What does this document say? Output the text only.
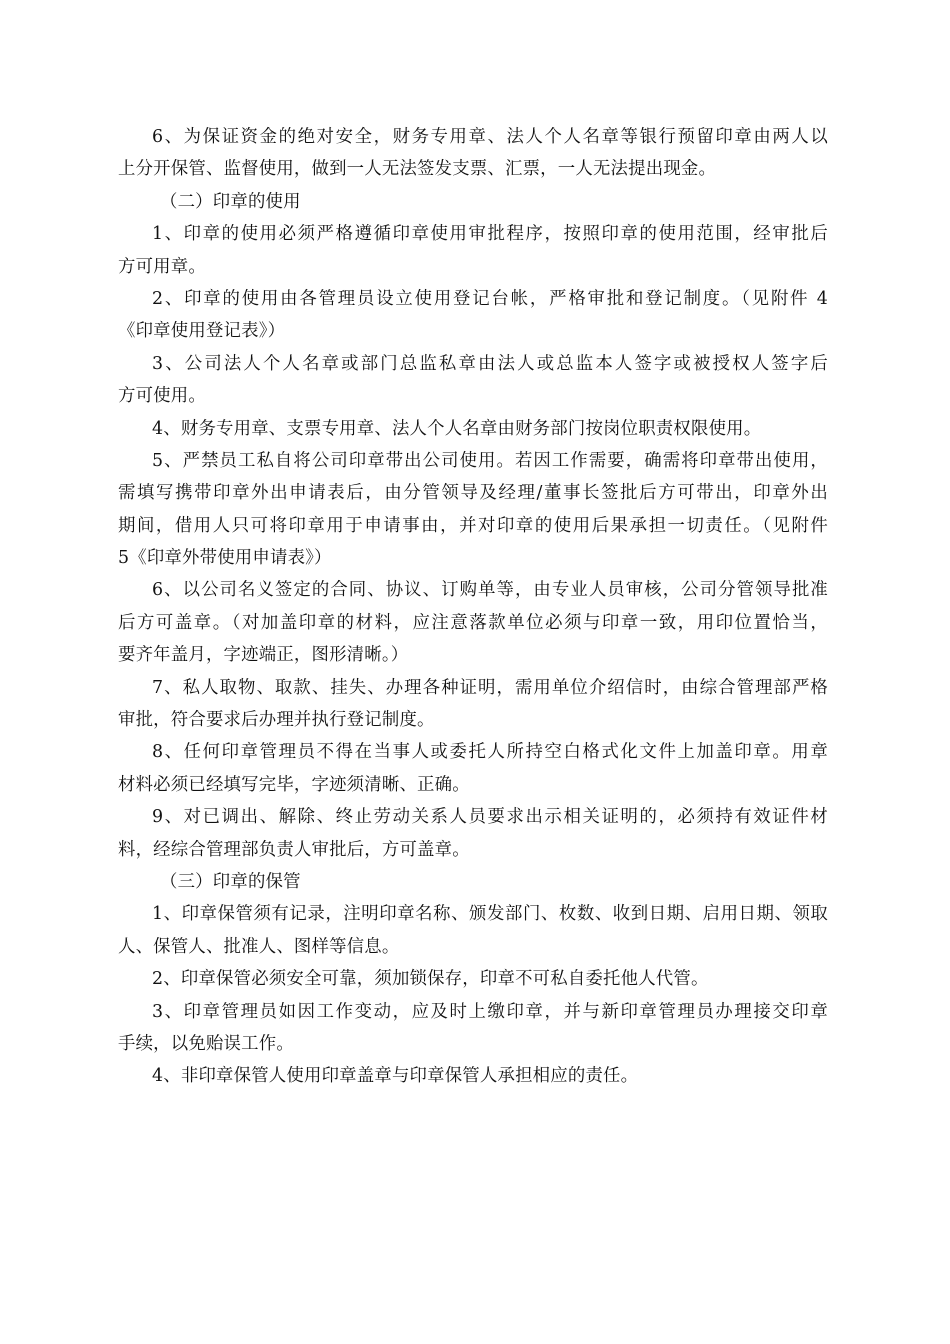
6、为保证资金的绝对安全，财务专用章、法人个人名章等银行预留印章由两人以
上分开保管、监督使用，做到一人无法签发支票、汇票，一人无法提出现金。
（二）印章的使用
1、印章的使用必须严格遵循印章使用审批程序，按照印章的使用范围，经审批后
方可用章。
2、印章的使用由各管理员设立使用登记台帐，严格审批和登记制度。（见附件 4
《印章使用登记表》）
3、公司法人个人名章或部门总监私章由法人或总监本人签字或被授权人签字后
方可使用。
4、财务专用章、支票专用章、法人个人名章由财务部门按岗位职责权限使用。
5、严禁员工私自将公司印章带出公司使用。若因工作需要，确需将印章带出使用，
需填写携带印章外出申请表后，由分管领导及经理/董事长签批后方可带出，印章外出
期间，借用人只可将印章用于申请事由，并对印章的使用后果承担一切责任。（见附件
5《印章外带使用申请表》）
6、以公司名义签定的合同、协议、订购单等，由专业人员审核，公司分管领导批准
后方可盖章。（对加盖印章的材料，应注意落款单位必须与印章一致，用印位置恰当，
要齐年盖月，字迹端正，图形清晰。）
7、私人取物、取款、挂失、办理各种证明，需用单位介绍信时，由综合管理部严格
审批，符合要求后办理并执行登记制度。
8、任何印章管理员不得在当事人或委托人所持空白格式化文件上加盖印章。用章
材料必须已经填写完毕，字迹须清晰、正确。
9、对已调出、解除、终止劳动关系人员要求出示相关证明的，必须持有效证件材
料，经综合管理部负责人审批后，方可盖章。
（三）印章的保管
1、印章保管须有记录，注明印章名称、颁发部门、枚数、收到日期、启用日期、领取
人、保管人、批准人、图样等信息。
2、印章保管必须安全可靠，须加锁保存，印章不可私自委托他人代管。
3、印章管理员如因工作变动，应及时上缴印章，并与新印章管理员办理接交印章
手续，以免贻误工作。
4、非印章保管人使用印章盖章与印章保管人承担相应的责任。
